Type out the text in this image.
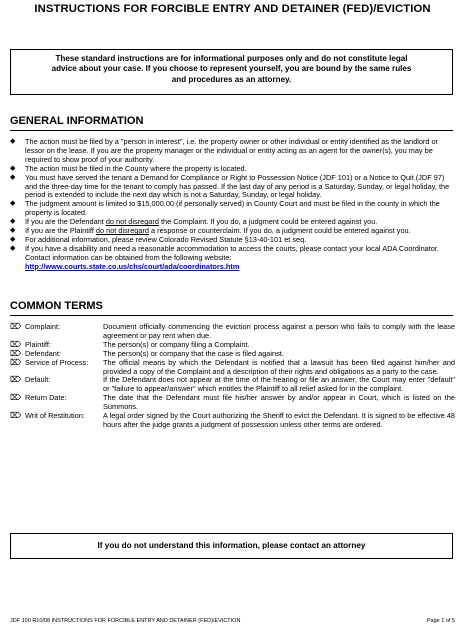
INSTRUCTIONS FOR FORCIBLE ENTRY AND DETAINER (FED)/EVICTION
These standard instructions are for informational purposes only and do not constitute legal
advice about your case. If you choose to represent yourself, you are bound by the same rules
and procedures as an attorney.
GENERAL INFORMATION
◆ The action must be filed by a "person in interest", i.e. the property owner or other individual or entity identified as the landlord or lessor on the lease. If you are the property manager or the individual or entity acting as an agent for the owner(s), you may be required to show proof of your authority.
◆ The action must be filed in the County where the property is located.
◆ You must have served the tenant a Demand for Compliance or Right to Possession Notice (JDF 101) or a Notice to Quit (JDF 97) and the three-day time for the tenant to comply has passed. If the last day of any period is a Saturday, Sunday, or legal holiday, the period is extended to include the next day which is not a Saturday, Sunday, or legal holiday.
◆ The judgment amount is limited to $15,000.00 (if personally served) in County Court and must be filed in the county in which the property is located.
◆ If you are the Defendant do not disregard the Complaint. If you do, a judgment could be entered against you.
◆ If you are the Plaintiff do not disregard a response or counterclaim. If you do, a judgment could be entered against you.
◆ For additional information, please review Colorado Revised Statute §13-40-101 et seq.
◆ If you have a disability and need a reasonable accommodation to access the courts, please contact your local ADA Coordinator. Contact information can be obtained from the following website:
http://www.courts.state.co.us/chs/court/ada/coordinators.htm
COMMON TERMS
⌦ Complaint:	Document officially commencing the eviction process against a person who fails to comply with the lease agreement or pay rent when due.
⌦ Plaintiff:	The person(s) or company filing a Complaint.
⌦ Defendant:	The person(s) or company that the case is filed against.
⌦ Service of Process:	The official means by which the Defendant is notified that a lawsuit has been filed against him/her and provided a copy of the Complaint and a description of their rights and obligations as a party to the case.
⌦ Default:	If the Defendant does not appear at the time of the hearing or file an answer, the Court may enter "default" or "failure to appear/answer" which entitles the Plaintiff to all relief asked for in the complaint.
⌦ Return Date:	The date that the Defendant must file his/her answer by and/or appear in Court, which is listed on the Summons.
⌦ Writ of Restitution:	A legal order signed by the Court authorizing the Sheriff to evict the Defendant. It is signed to be effective 48 hours after the judge grants a judgment of possession unless other terms are ordered.
If you do not understand this information, please contact an attorney
JDF 100 R10/08 INSTRUCTIONS FOR FORCIBLE ENTRY AND DETAINER (FED)/EVICTION	Page 1 of 5
